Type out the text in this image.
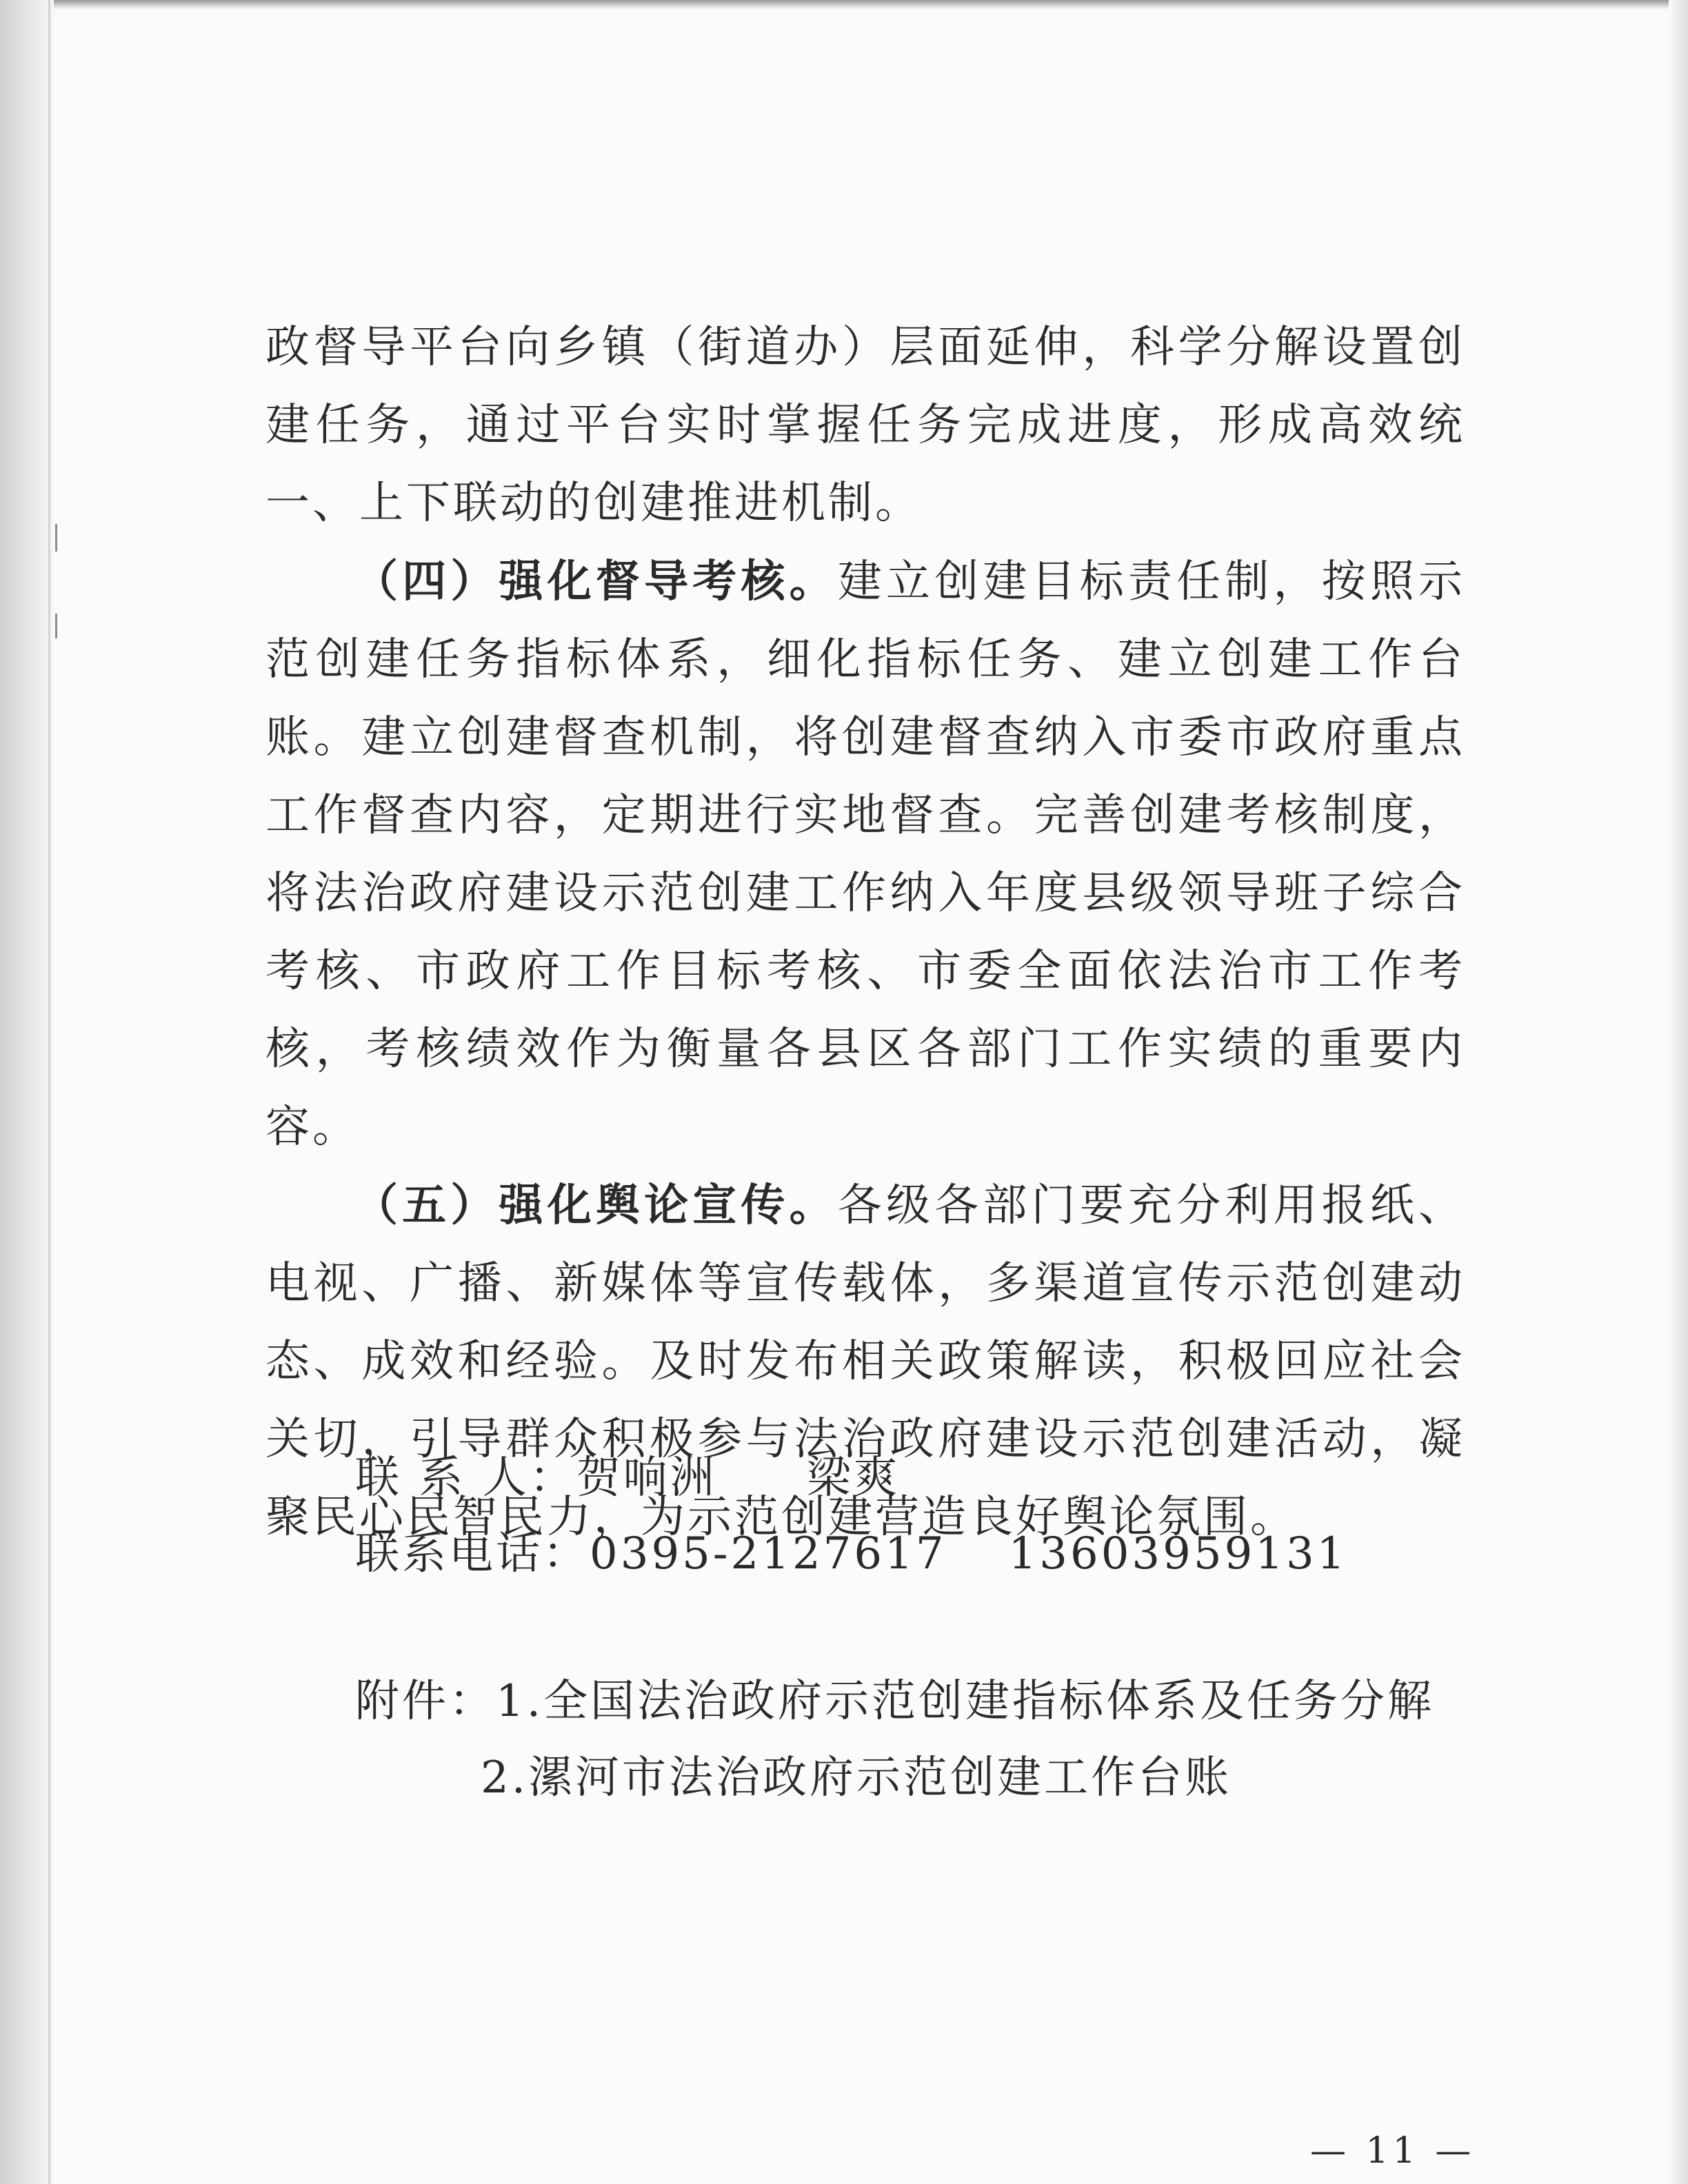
政督导平台向乡镇（街道办）层面延伸，科学分解设置创建任务，通过平台实时掌握任务完成进度，形成高效统一、上下联动的创建推进机制。

（四）强化督导考核。建立创建目标责任制，按照示范创建任务指标体系，细化指标任务、建立创建工作台账。建立创建督查机制，将创建督查纳入市委市政府重点工作督查内容，定期进行实地督查。完善创建考核制度，将法治政府建设示范创建工作纳入年度县级领导班子综合考核、市政府工作目标考核、市委全面依法治市工作考核，考核绩效作为衡量各县区各部门工作实绩的重要内容。

（五）强化舆论宣传。各级各部门要充分利用报纸、电视、广播、新媒体等宣传载体，多渠道宣传示范创建动态、成效和经验。及时发布相关政策解读，积极回应社会关切，引导群众积极参与法治政府建设示范创建活动，凝聚民心民智民力，为示范创建营造良好舆论氛围。

联 系 人：贺响洲 梁爽
联系电话：0395-2127617 13603959131
附件：1.全国法治政府示范创建指标体系及任务分解
2.漯河市法治政府示范创建工作台账
— 11 —
